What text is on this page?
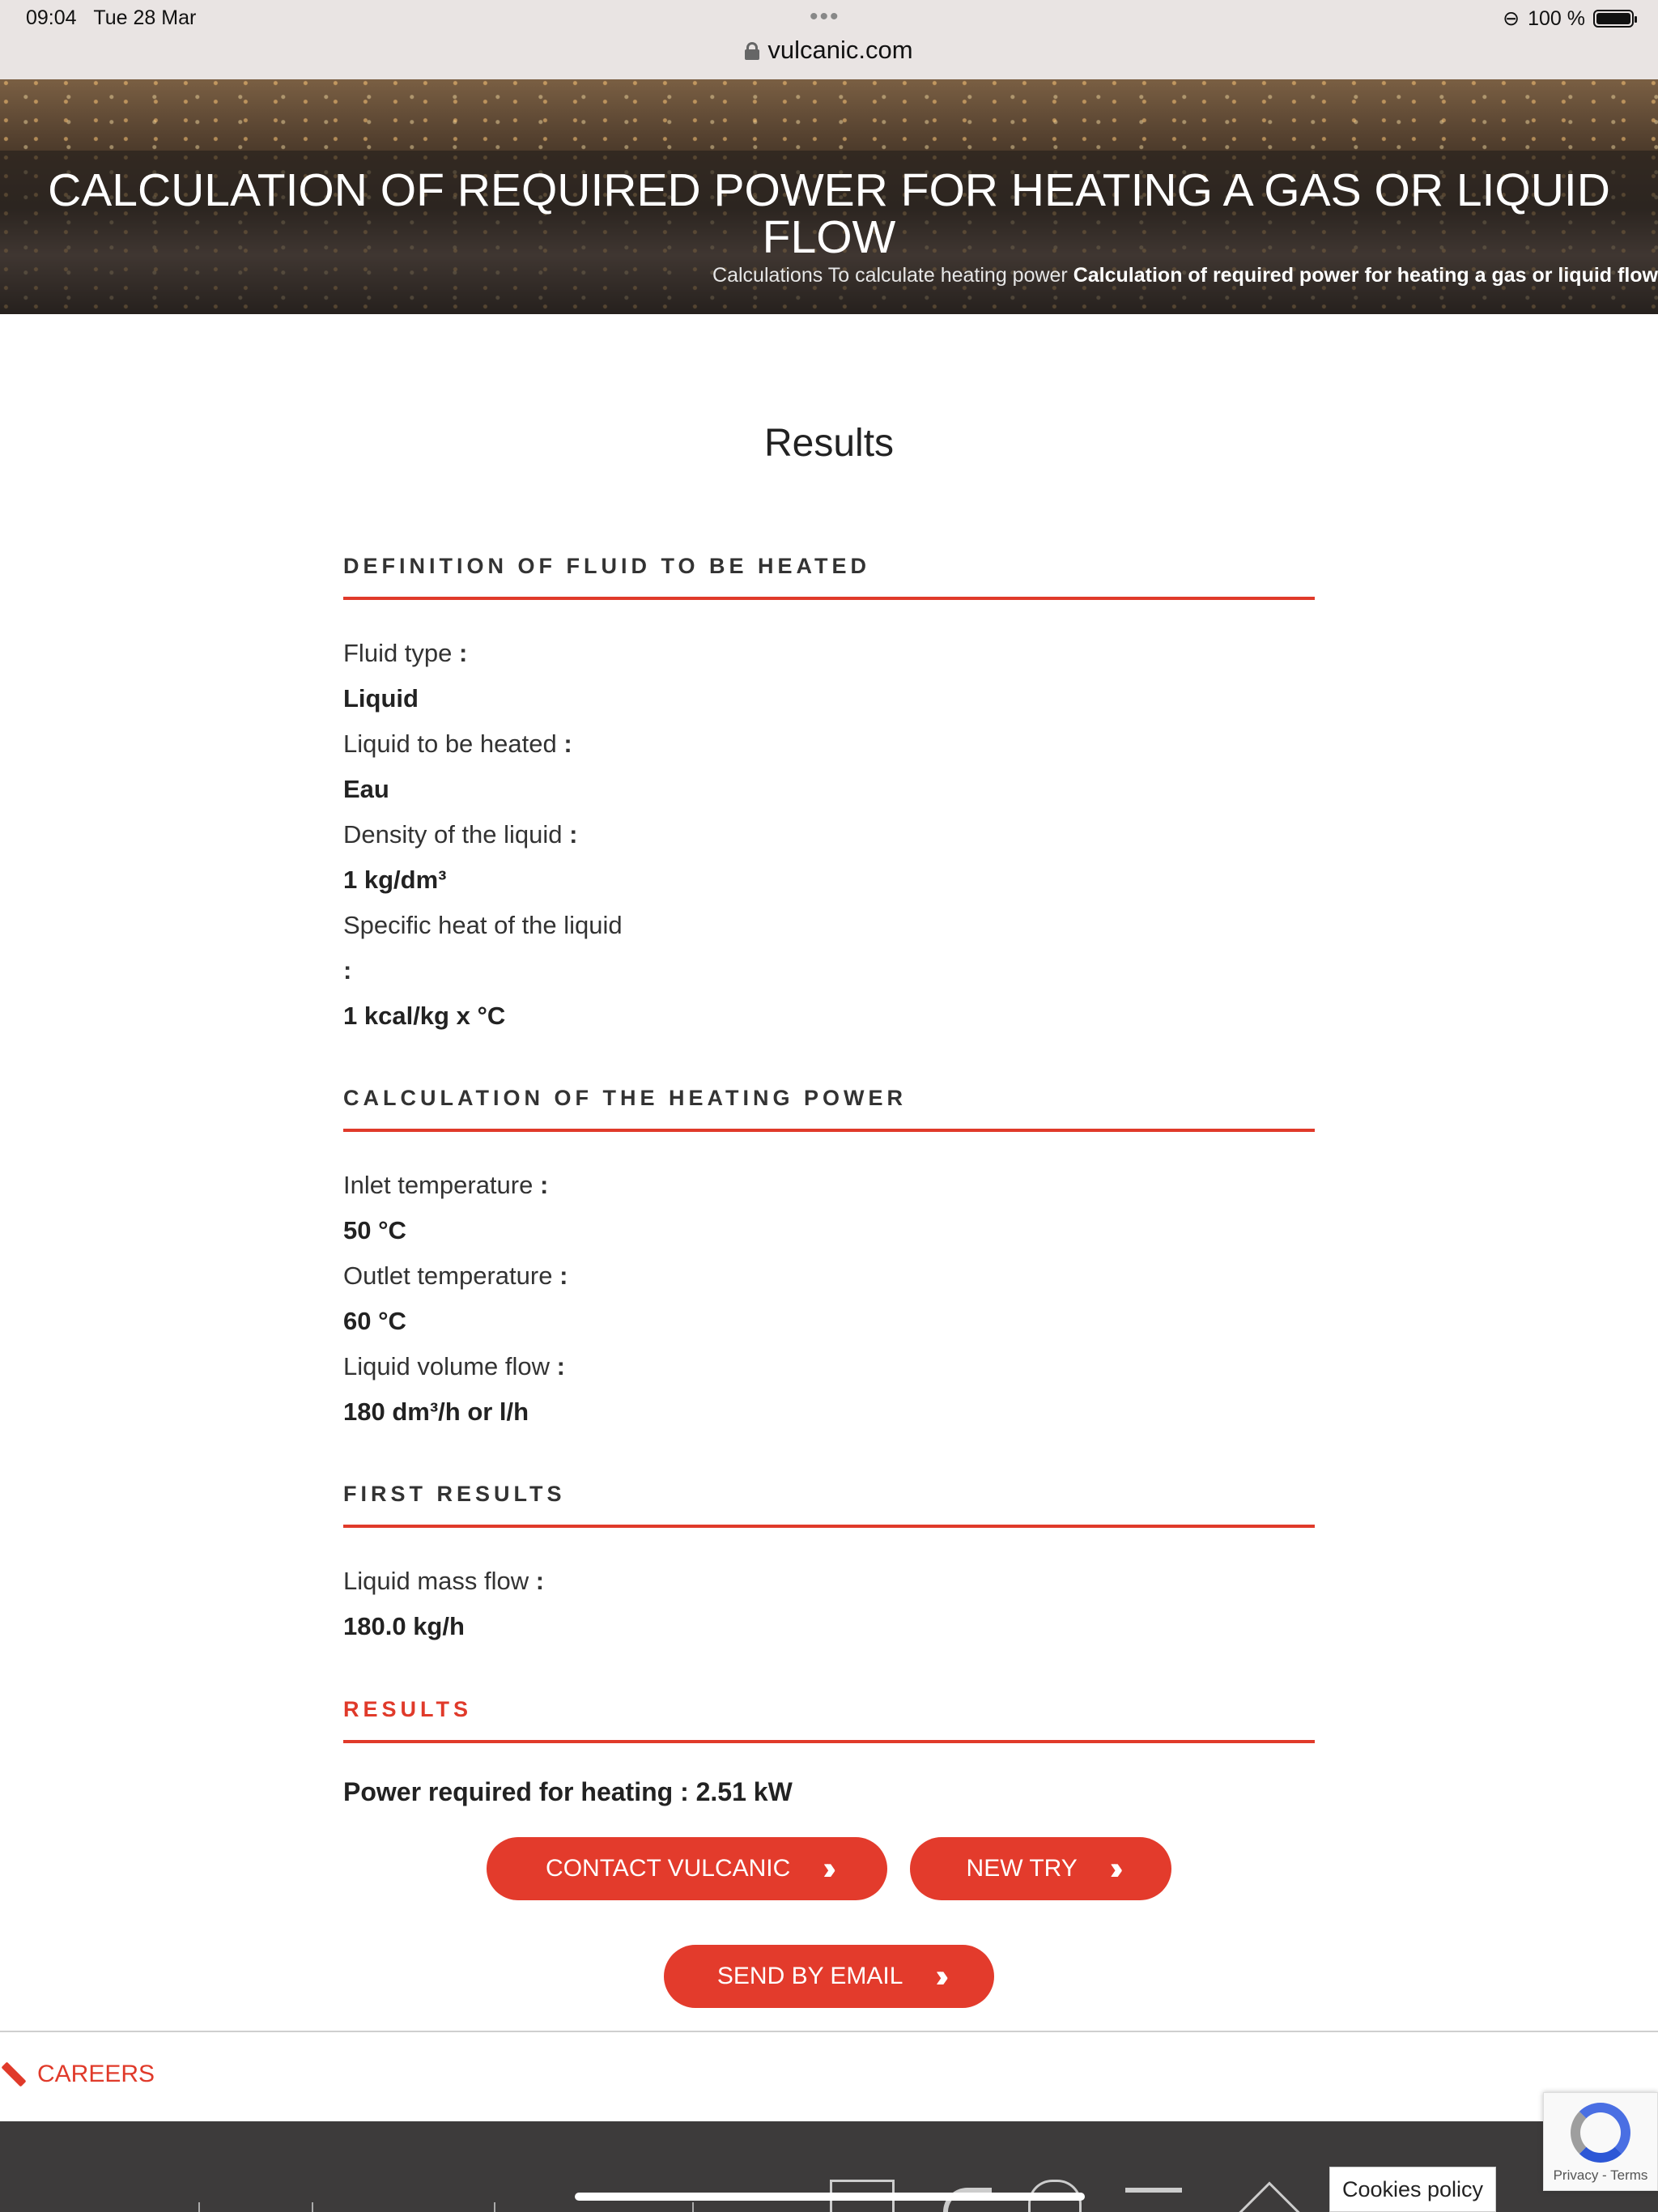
09:04 Tue 28 Mar	•••	⊖ 100 %
vulcanic.com
CALCULATION OF REQUIRED POWER FOR HEATING A GAS OR LIQUID FLOW
Calculations To calculate heating power Calculation of required power for heating a gas or liquid flow
Results
DEFINITION OF FLUID TO BE HEATED
Fluid type :
Liquid
Liquid to be heated :
Eau
Density of the liquid :
1 kg/dm³
Specific heat of the liquid
:
1 kcal/kg x °C
CALCULATION OF THE HEATING POWER
Inlet temperature :
50 °C
Outlet temperature :
60 °C
Liquid volume flow :
180 dm³/h or l/h
FIRST RESULTS
Liquid mass flow :
180.0 kg/h
RESULTS
Power required for heating : 2.51 kW
CONTACT VULCANIC ››	NEW TRY ››
SEND BY EMAIL ››
CAREERS
Cookies policy
Privacy - Terms
